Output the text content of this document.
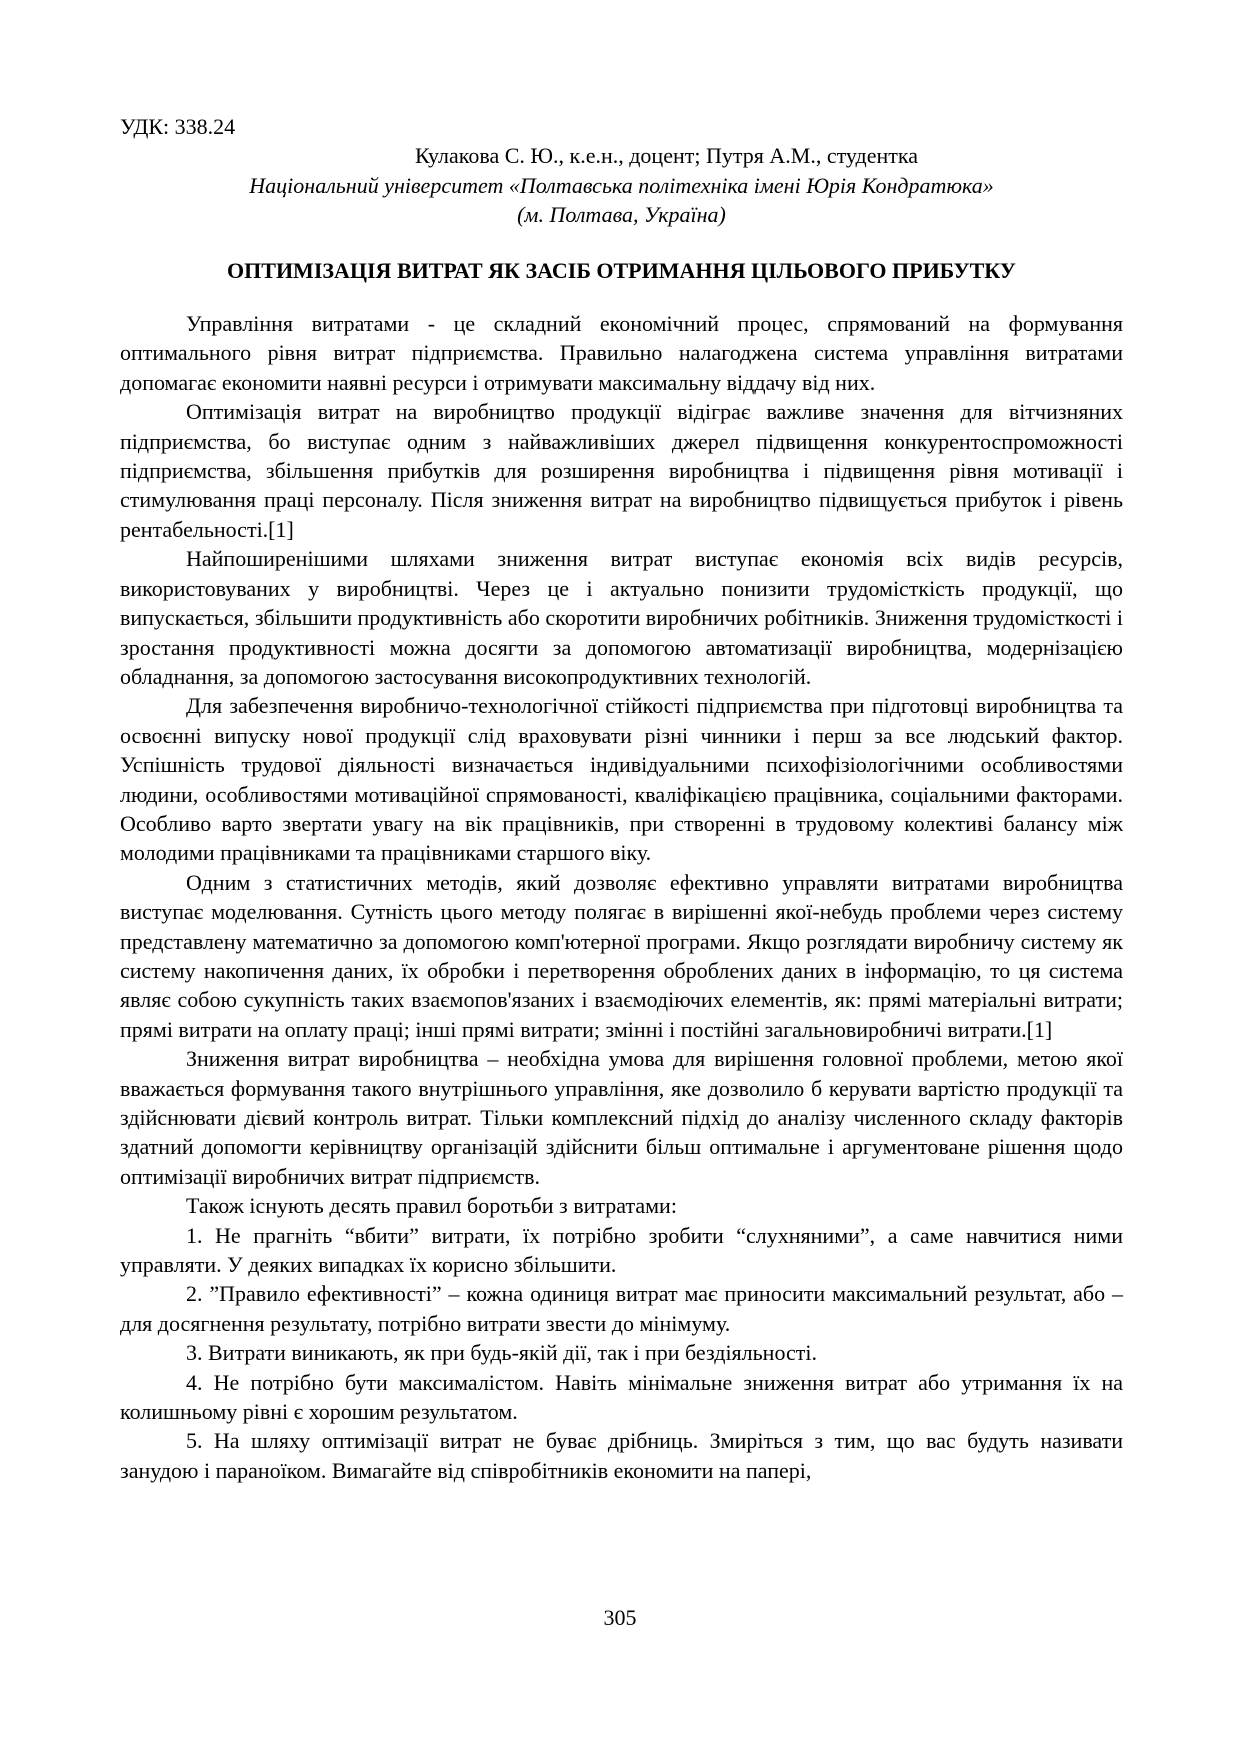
УДК: 338.24
Кулакова С. Ю., к.е.н., доцент; Путря А.М., студентка
Національний університет «Полтавська політехніка імені Юрія Кондратюка»
(м. Полтава, Україна)
ОПТИМІЗАЦІЯ ВИТРАТ ЯК ЗАСІБ ОТРИМАННЯ ЦІЛЬОВОГО ПРИБУТКУ

Управління витратами - це складний економічний процес, спрямований на формування оптимального рівня витрат підприємства. Правильно налагоджена система управління витратами допомагає економити наявні ресурси і отримувати максимальну віддачу від них.

Оптимізація витрат на виробництво продукції відіграє важливе значення для вітчизняних підприємства, бо виступає одним з найважливіших джерел підвищення конкурентоспроможності підприємства, збільшення прибутків для розширення виробництва і підвищення рівня мотивації і стимулювання праці персоналу. Після зниження витрат на виробництво підвищується прибуток і рівень рентабельності.[1]

Найпоширенішими шляхами зниження витрат виступає економія всіх видів ресурсів, використовуваних у виробництві. Через це і актуально понизити трудомісткість продукції, що випускається, збільшити продуктивність або скоротити виробничих робітників. Зниження трудомісткості і зростання продуктивності можна досягти за допомогою автоматизації виробництва, модернізацією обладнання, за допомогою застосування високопродуктивних технологій.

Для забезпечення виробничо-технологічної стійкості підприємства при підготовці виробництва та освоєнні випуску нової продукції слід враховувати різні чинники і перш за все людський фактор. Успішність трудової діяльності визначається індивідуальними психофізіологічними особливостями людини, особливостями мотиваційної спрямованості, кваліфікацією працівника, соціальними факторами. Особливо варто звертати увагу на вік працівників, при створенні в трудовому колективі балансу між молодими працівниками та працівниками старшого віку.

Одним з статистичних методів, який дозволяє ефективно управляти витратами виробництва виступає моделювання. Сутність цього методу полягає в вирішенні якої-небудь проблеми через систему представлену математично за допомогою комп'ютерної програми. Якщо розглядати виробничу систему як систему накопичення даних, їх обробки і перетворення оброблених даних в інформацію, то ця система являє собою сукупність таких взаємопов'язаних і взаємодіючих елементів, як: прямі матеріальні витрати; прямі витрати на оплату праці; інші прямі витрати; змінні і постійні загальновиробничі витрати.[1]

Зниження витрат виробництва – необхідна умова для вирішення головної проблеми, метою якої вважається формування такого внутрішнього управління, яке дозволило б керувати вартістю продукції та здійснювати дієвий контроль витрат. Тільки комплексний підхід до аналізу численного складу факторів здатний допомогти керівництву організацій здійснити більш оптимальне і аргументоване рішення щодо оптимізації виробничих витрат підприємств.

Також існують десять правил боротьби з витратами:

1. Не прагніть “вбити” витрати, їх потрібно зробити “слухняними”, а саме навчитися ними управляти. У деяких випадках їх корисно збільшити.

2. ”Правило ефективності” – кожна одиниця витрат має приносити максимальний результат, або – для досягнення результату, потрібно витрати звести до мінімуму.

3. Витрати виникають, як при будь-якій дії, так і при бездіяльності.

4. Не потрібно бути максималістом. Навіть мінімальне зниження витрат або утримання їх на колишньому рівні є хорошим результатом.

5. На шляху оптимізації витрат не буває дрібниць. Змиріться з тим, що вас будуть називати занудою і параноїком. Вимагайте від співробітників економити на папері,

305
